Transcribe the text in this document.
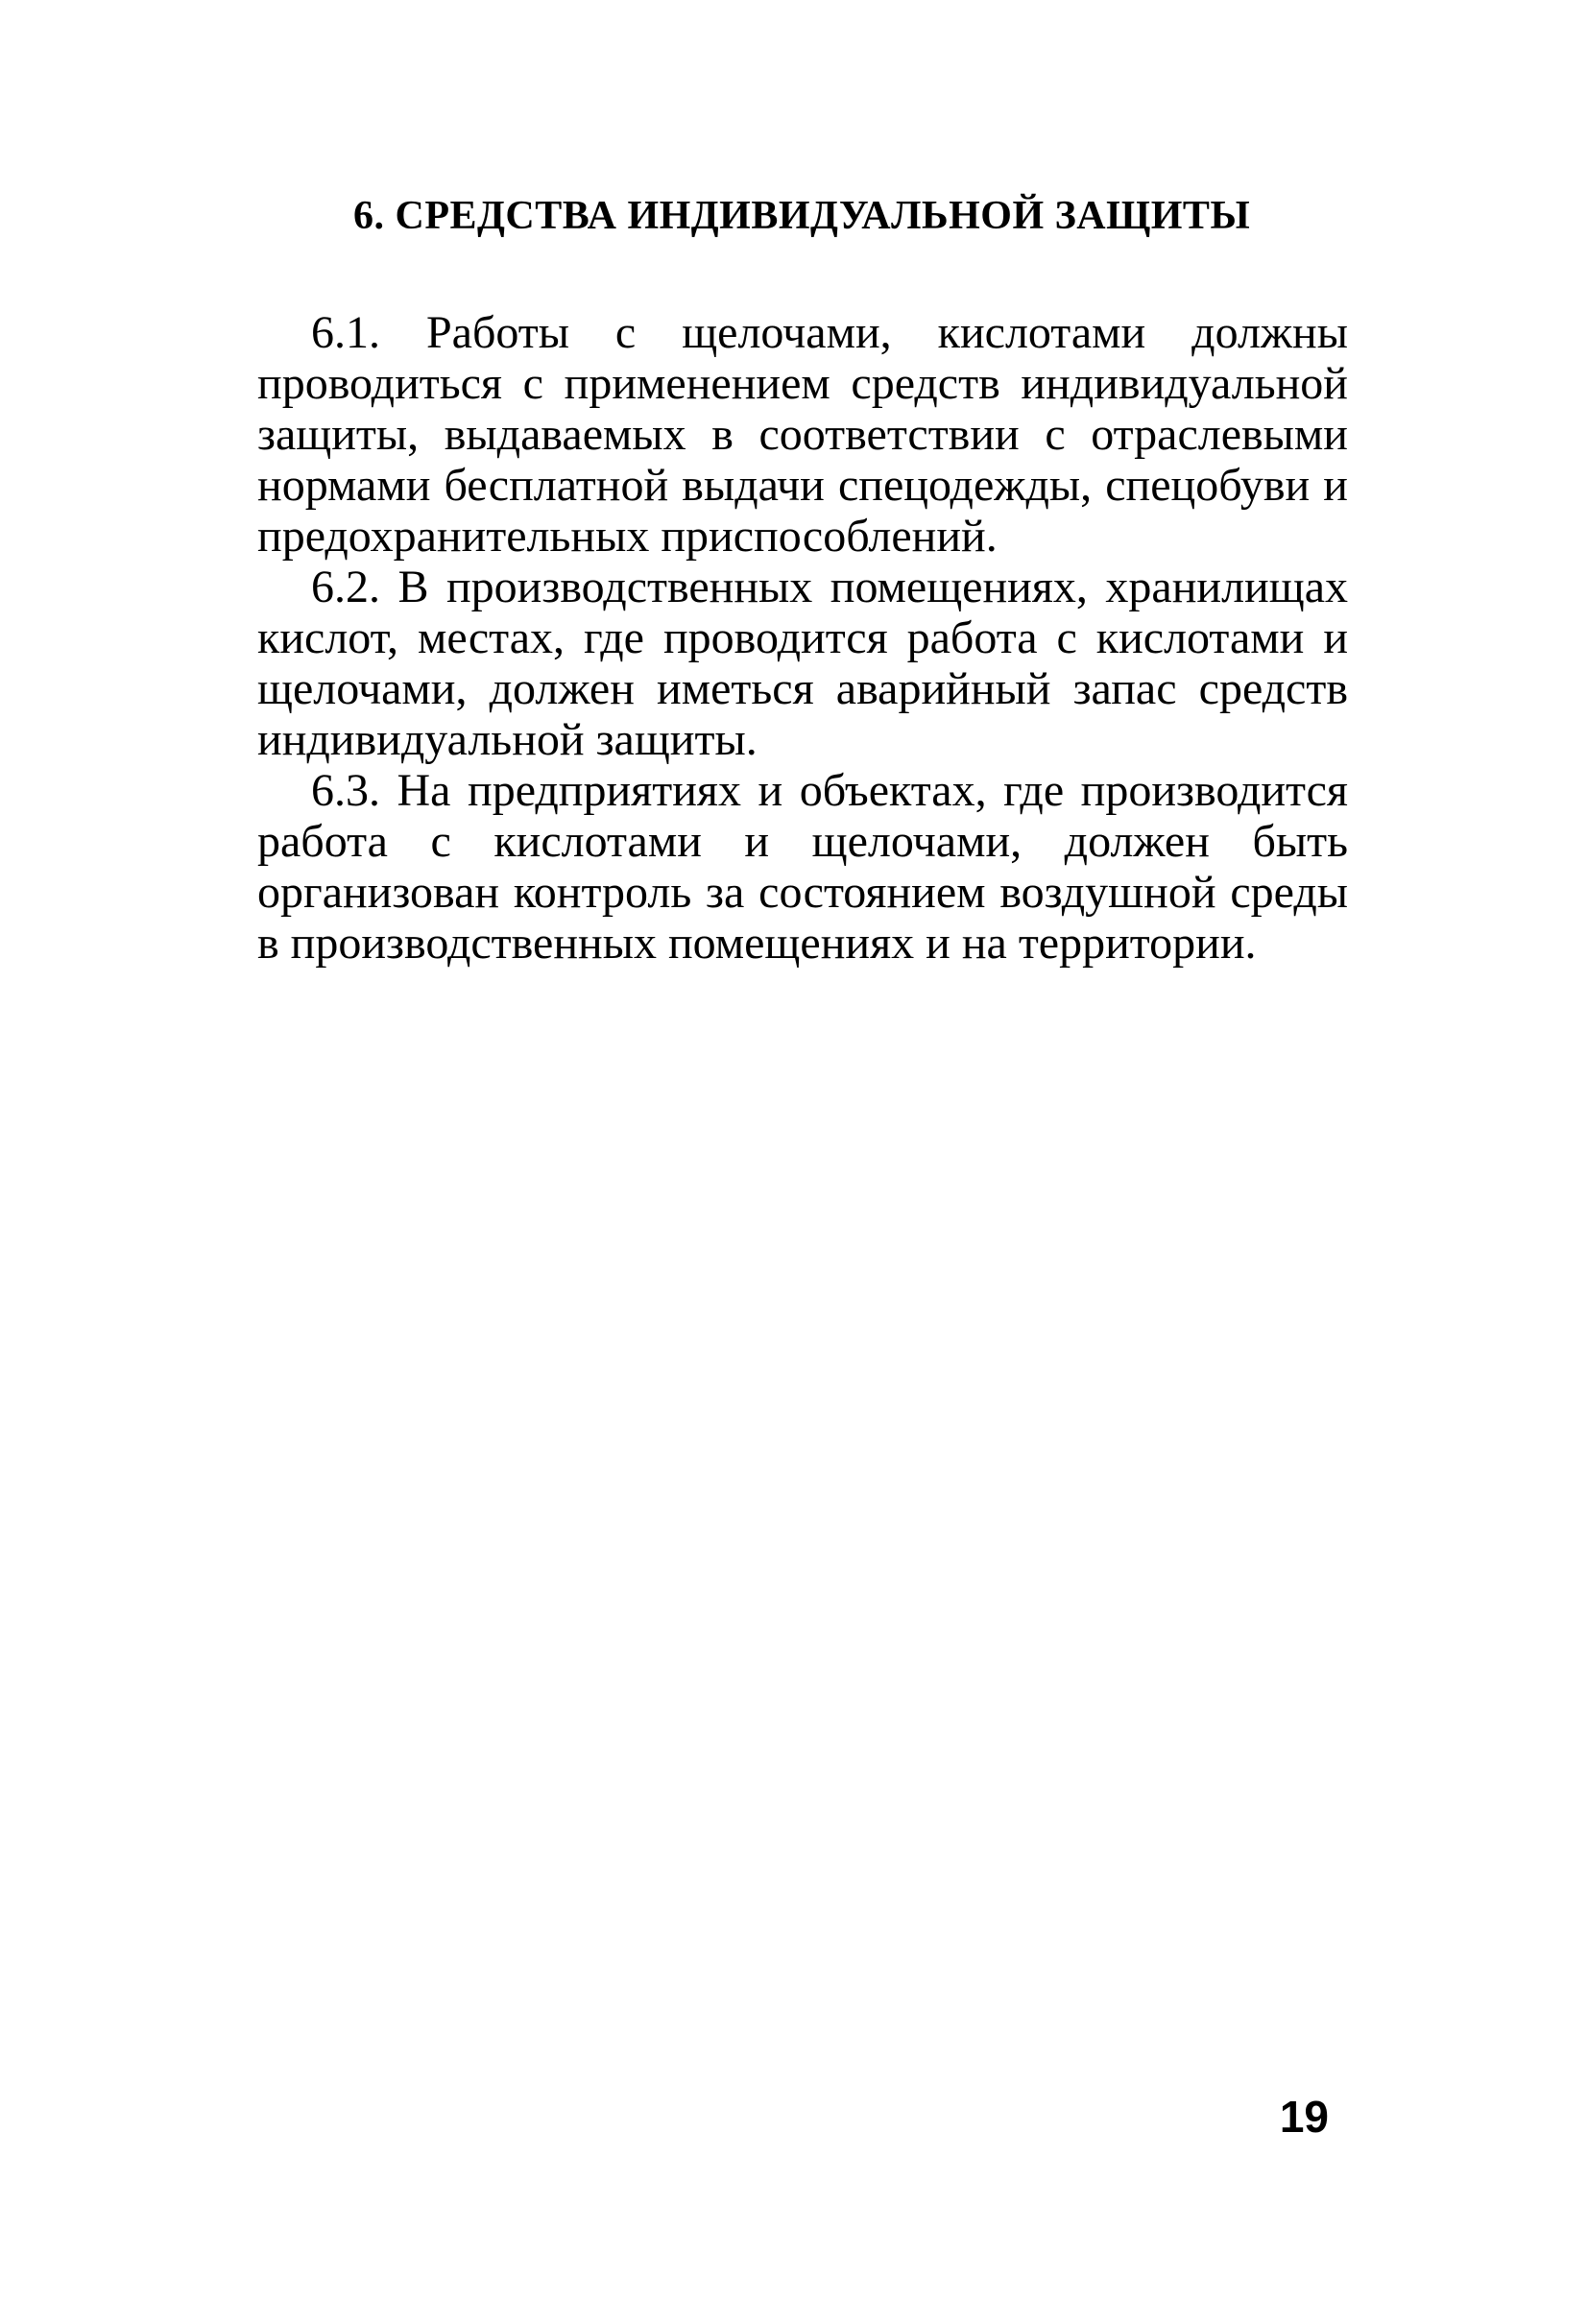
6. СРЕДСТВА ИНДИВИДУАЛЬНОЙ ЗАЩИТЫ

6.1. Работы с щелочами, кислотами должны проводиться с применением средств индивидуальной защиты, выдаваемых в соответствии с отраслевыми нормами бесплатной выдачи спецодежды, спецобуви и предохранительных приспособлений.

6.2. В производственных помещениях, хранилищах кислот, местах, где проводится работа с кислотами и щелочами, должен иметься аварийный запас средств индивидуальной защиты.

6.3. На предприятиях и объектах, где производится работа с кислотами и щелочами, должен быть организован контроль за состоянием воздушной среды в производственных помещениях и на территории.

19
